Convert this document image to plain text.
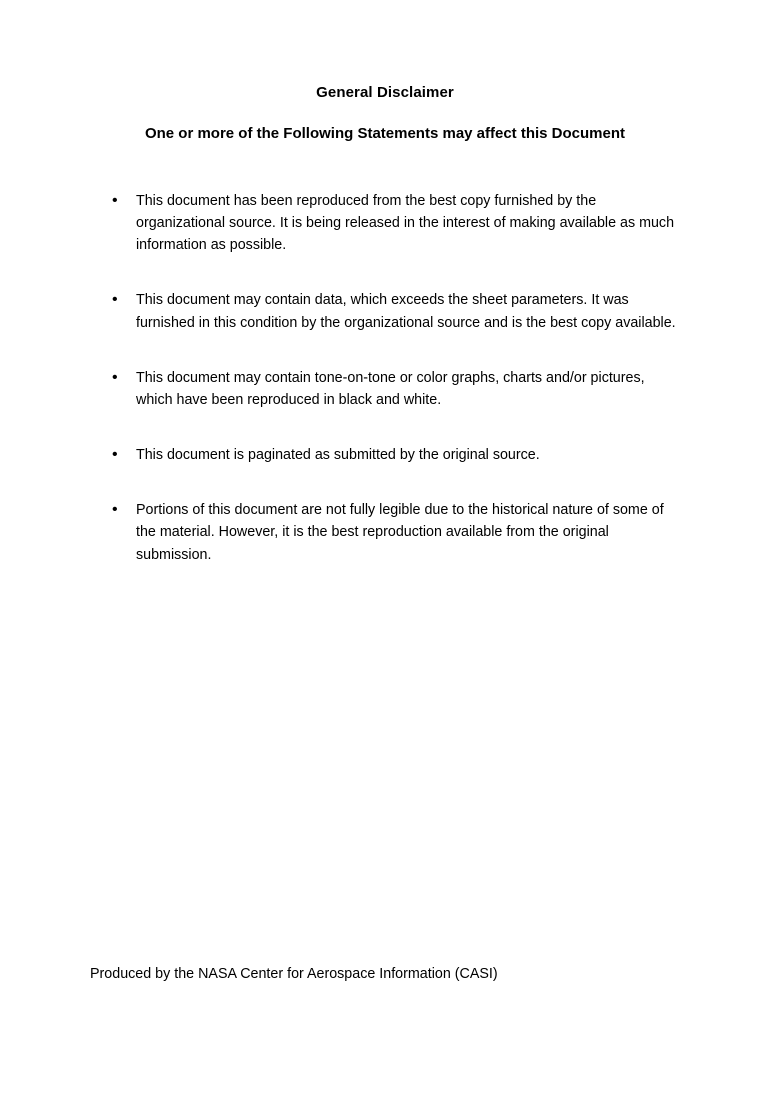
General Disclaimer
One or more of the Following Statements may affect this Document
•	This document has been reproduced from the best copy furnished by the organizational source. It is being released in the interest of making available as much information as possible.
•	This document may contain data, which exceeds the sheet parameters. It was furnished in this condition by the organizational source and is the best copy available.
•	This document may contain tone-on-tone or color graphs, charts and/or pictures, which have been reproduced in black and white.
•	This document is paginated as submitted by the original source.
•	Portions of this document are not fully legible due to the historical nature of some of the material. However, it is the best reproduction available from the original submission.
Produced by the NASA Center for Aerospace Information (CASI)
